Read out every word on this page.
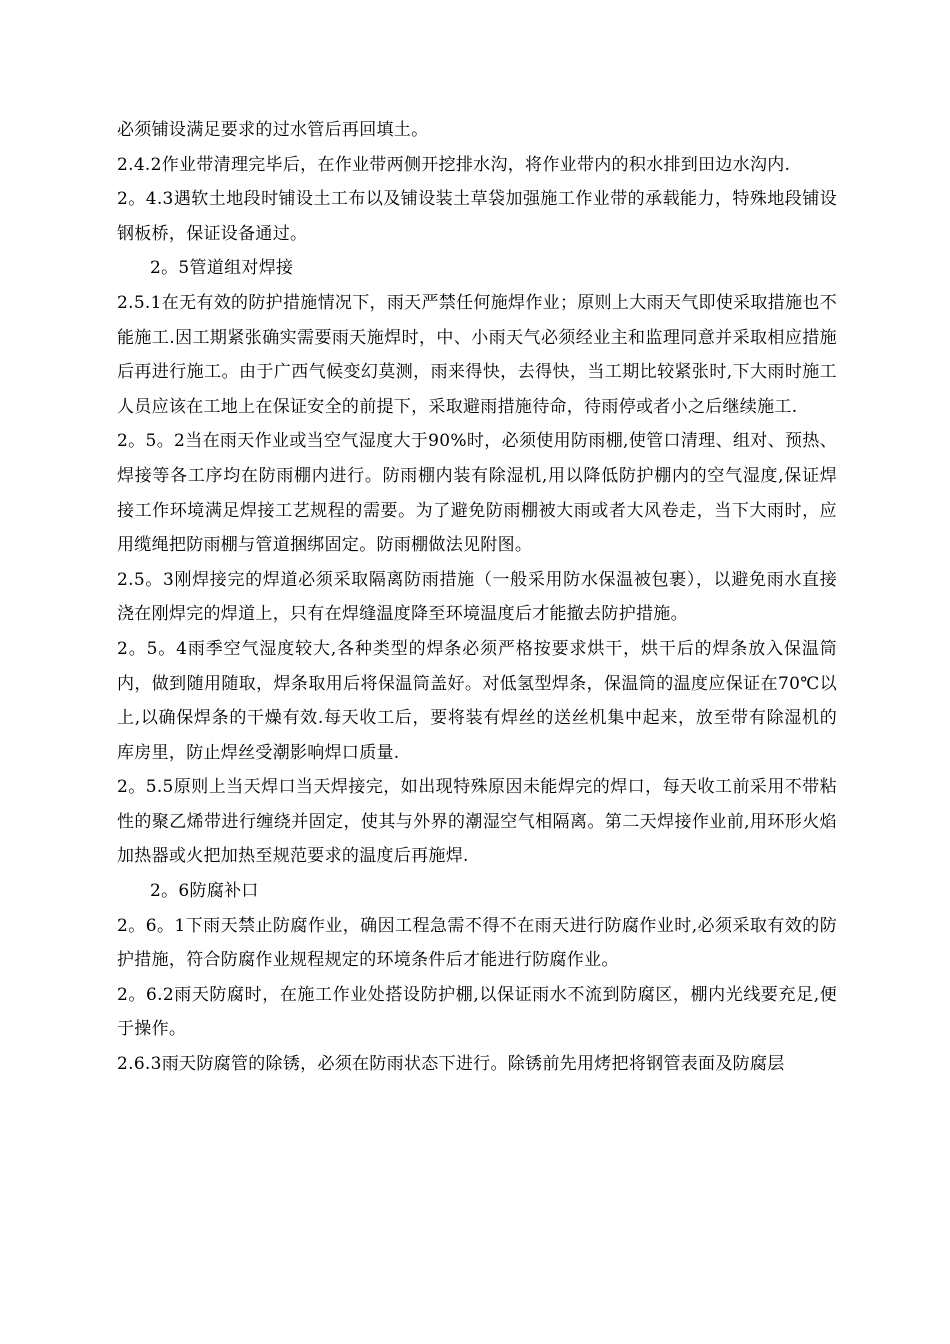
必须铺设满足要求的过水管后再回填土。

2.4.2作业带清理完毕后，在作业带两侧开挖排水沟，将作业带内的积水排到田边水沟内.

2。4.3遇软土地段时铺设土工布以及铺设装土草袋加强施工作业带的承载能力，特殊地段铺设钢板桥，保证设备通过。

2。5管道组对焊接

2.5.1在无有效的防护措施情况下，雨天严禁任何施焊作业；原则上大雨天气即使采取措施也不能施工.因工期紧张确实需要雨天施焊时，中、小雨天气必须经业主和监理同意并采取相应措施后再进行施工。由于广西气候变幻莫测，雨来得快，去得快，当工期比较紧张时,下大雨时施工人员应该在工地上在保证安全的前提下，采取避雨措施待命，待雨停或者小之后继续施工.

2。5。2当在雨天作业或当空气湿度大于90%时，必须使用防雨棚,使管口清理、组对、预热、焊接等各工序均在防雨棚内进行。防雨棚内装有除湿机,用以降低防护棚内的空气湿度,保证焊接工作环境满足焊接工艺规程的需要。为了避免防雨棚被大雨或者大风卷走，当下大雨时，应用缆绳把防雨棚与管道捆绑固定。防雨棚做法见附图。

2.5。3刚焊接完的焊道必须采取隔离防雨措施（一般采用防水保温被包裹），以避免雨水直接浇在刚焊完的焊道上，只有在焊缝温度降至环境温度后才能撤去防护措施。

2。5。4雨季空气湿度较大,各种类型的焊条必须严格按要求烘干，烘干后的焊条放入保温筒内，做到随用随取，焊条取用后将保温筒盖好。对低氢型焊条，保温筒的温度应保证在70℃以上,以确保焊条的干燥有效.每天收工后，要将装有焊丝的送丝机集中起来，放至带有除湿机的库房里，防止焊丝受潮影响焊口质量.

2。5.5原则上当天焊口当天焊接完，如出现特殊原因未能焊完的焊口，每天收工前采用不带粘性的聚乙烯带进行缠绕并固定，使其与外界的潮湿空气相隔离。第二天焊接作业前,用环形火焰加热器或火把加热至规范要求的温度后再施焊.

2。6防腐补口

2。6。1下雨天禁止防腐作业，确因工程急需不得不在雨天进行防腐作业时,必须采取有效的防护措施，符合防腐作业规程规定的环境条件后才能进行防腐作业。

2。6.2雨天防腐时，在施工作业处搭设防护棚,以保证雨水不流到防腐区，棚内光线要充足,便于操作。

2.6.3雨天防腐管的除锈，必须在防雨状态下进行。除锈前先用烤把将钢管表面及防腐层
